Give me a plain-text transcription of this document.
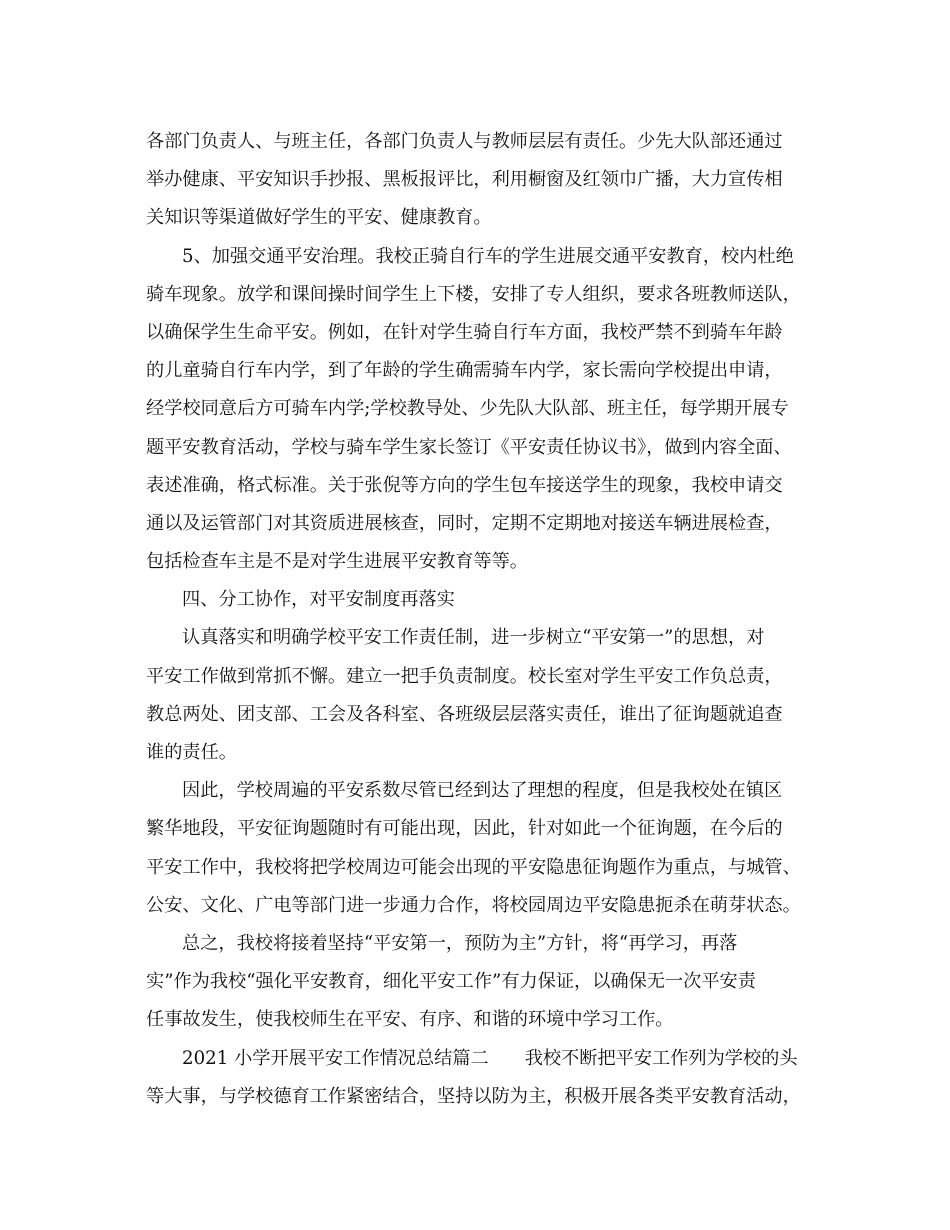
各部门负责人、与班主任，各部门负责人与教师层层有责任。少先大队部还通过
举办健康、平安知识手抄报、黑板报评比，利用橱窗及红领巾广播，大力宣传相
关知识等渠道做好学生的平安、健康教育。
5、加强交通平安治理。我校正骑自行车的学生进展交通平安教育，校内杜绝
骑车现象。放学和课间操时间学生上下楼，安排了专人组织，要求各班教师送队，
以确保学生生命平安。例如，在针对学生骑自行车方面，我校严禁不到骑车年龄
的儿童骑自行车内学，到了年龄的学生确需骑车内学，家长需向学校提出申请，
经学校同意后方可骑车内学;学校教导处、少先队大队部、班主任，每学期开展专
题平安教育活动，学校与骑车学生家长签订《平安责任协议书》，做到内容全面、
表述准确，格式标准。关于张倪等方向的学生包车接送学生的现象，我校申请交
通以及运管部门对其资质进展核查，同时，定期不定期地对接送车辆进展检查，
包括检查车主是不是对学生进展平安教育等等。
四、分工协作，对平安制度再落实
认真落实和明确学校平安工作责任制，进一步树立“平安第一”的思想，对
平安工作做到常抓不懈。建立一把手负责制度。校长室对学生平安工作负总责，
教总两处、团支部、工会及各科室、各班级层层落实责任，谁出了征询题就追查
谁的责任。
因此，学校周遍的平安系数尽管已经到达了理想的程度，但是我校处在镇区
繁华地段，平安征询题随时有可能出现，因此，针对如此一个征询题，在今后的
平安工作中，我校将把学校周边可能会出现的平安隐患征询题作为重点，与城管、
公安、文化、广电等部门进一步通力合作，将校园周边平安隐患扼杀在萌芽状态。
总之，我校将接着坚持“平安第一，预防为主”方针，将“再学习，再落
实”作为我校“强化平安教育，细化平安工作”有力保证，以确保无一次平安责
任事故发生，使我校师生在平安、有序、和谐的环境中学习工作。
2021 小学开展平安工作情况总结篇二 我校不断把平安工作列为学校的头
等大事，与学校德育工作紧密结合，坚持以防为主，积极开展各类平安教育活动，
